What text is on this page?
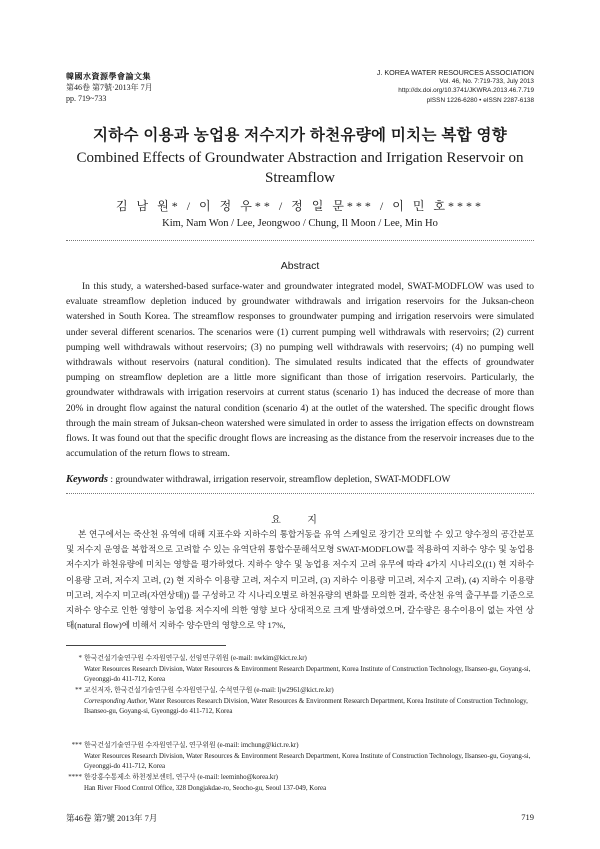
韓國水資源學會論文集
第46卷 第7號·2013年 7月
pp. 719~733
J. KOREA WATER RESOURCES ASSOCIATION
Vol. 46, No. 7:719-733, July 2013
http://dx.doi.org/10.3741/JKWRA.2013.46.7.719
pISSN 1226-6280 • eISSN 2287-6138
지하수 이용과 농업용 저수지가 하천유량에 미치는 복합 영향
Combined Effects of Groundwater Abstraction and Irrigation Reservoir on Streamflow
김 남 원* / 이 정 우** / 정 일 문*** / 이 민 호****
Kim, Nam Won / Lee, Jeongwoo / Chung, Il Moon / Lee, Min Ho
Abstract

In this study, a watershed-based surface-water and groundwater integrated model, SWAT-MODFLOW was used to evaluate streamflow depletion induced by groundwater withdrawals and irrigation reservoirs for the Juksan-cheon watershed in South Korea. The streamflow responses to groundwater pumping and irrigation reservoirs were simulated under several different scenarios. The scenarios were (1) current pumping well withdrawals with reservoirs; (2) current pumping well withdrawals without reservoirs; (3) no pumping well withdrawals with reservoirs; (4) no pumping well withdrawals without reservoirs (natural condition). The simulated results indicated that the effects of groundwater pumping on streamflow depletion are a little more significant than those of irrigation reservoirs. Particularly, the groundwater withdrawals with irrigation reservoirs at current status (scenario 1) has induced the decrease of more than 20% in drought flow against the natural condition (scenario 4) at the outlet of the watershed. The specific drought flows through the main stream of Juksan-cheon watershed were simulated in order to assess the irrigation effects on downstream flows. It was found out that the specific drought flows are increasing as the distance from the reservoir increases due to the accumulation of the return flows to stream.

Keywords : groundwater withdrawal, irrigation reservoir, streamflow depletion, SWAT-MODFLOW
요 지

본 연구에서는 죽산천 유역에 대해 지표수와 지하수의 통합거동을 유역 스케일로 장기간 모의할 수 있고 양수정의 공간분포 및 저수지 운영을 복합적으로 고려할 수 있는 유역단위 통합수문해석모형 SWAT-MODFLOW를 적용하여 지하수 양수 및 농업용 저수지가 하천유량에 미치는 영향을 평가하였다. 지하수 양수 및 농업용 저수지 고려 유무에 따라 4가지 시나리오((1) 현 지하수 이용량 고려, 저수지 고려, (2) 현 지하수 이용량 고려, 저수지 미고려, (3) 지하수 이용량 미고려, 저수지 고려), (4) 지하수 이용량 미고려, 저수지 미고려(자연상태)) 를 구성하고 각 시나리오별로 하천유량의 변화를 모의한 결과, 죽산천 유역 출구부를 기준으로 지하수 양수로 인한 영향이 농업용 저수지에 의한 영향 보다 상대적으로 크게 발생하였으며, 갈수량은 용수이용이 없는 자연 상태(natural flow)에 비해서 지하수 양수만의 영향으로 약 17%,

* 한국건설기술연구원 수자원연구실, 선임연구위원 (e-mail: nwkim@kict.re.kr)
Water Resources Research Division, Water Resources & Environment Research Department, Korea Institute of Construction Technology, Ilsanseo-gu, Goyang-si, Gyeonggi-do 411-712, Korea
** 교신저자, 한국건설기술연구원 수자원연구실, 수석연구원 (e-mail: ljw2961@kict.re.kr)
Corresponding Author, Water Resources Research Division, Water Resources & Environment Research Department, Korea Institute of Construction Technology, Ilsanseo-gu, Goyang-si, Gyeonggi-do 411-712, Korea
*** 한국건설기술연구원 수자원연구실, 연구위원 (e-mail: imchung@kict.re.kr)
Water Resources Research Division, Water Resources & Environment Research Department, Korea Institute of Construction Technology, Ilsanseo-gu, Goyang-si, Gyeonggi-do 411-712, Korea
**** 한강홍수통제소 하천정보센터, 연구사 (e-mail: leeminho@korea.kr)
Han River Flood Control Office, 328 Dongjakdae-ro, Seocho-gu, Seoul 137-049, Korea
第46卷 第7號 2013年 7月	719
